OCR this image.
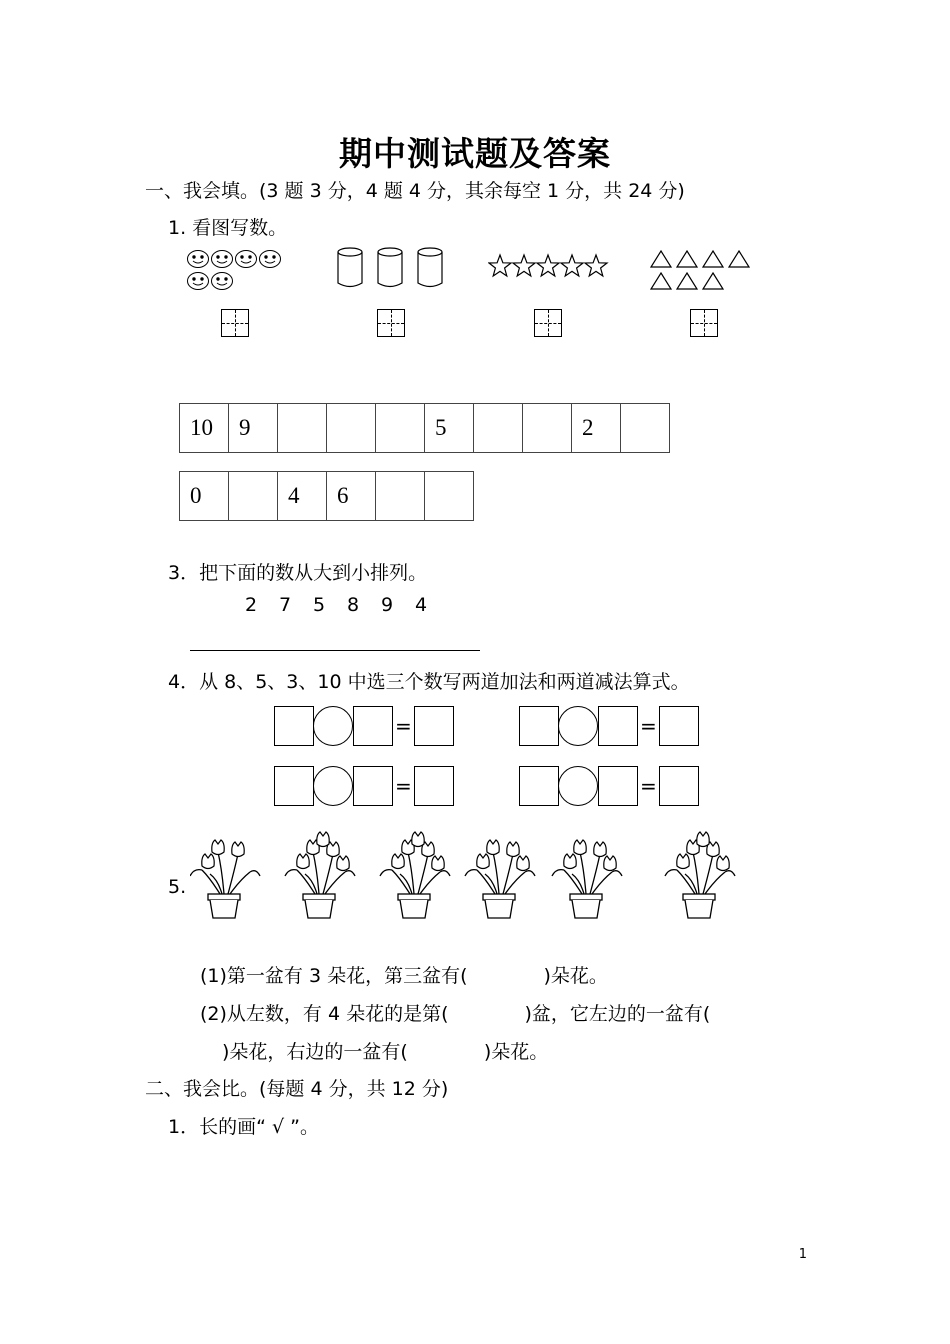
期中测试题及答案
一、我会填。(3 题 3 分，4 题 4 分，其余每空 1 分，共 24 分)
1. 看图写数。
10	9				5			2	
0		4	6		
3．把下面的数从大到小排列。
2 7 5 8 9 4
4．从 8、5、3、10 中选三个数写两道加法和两道减法算式。
=	=
=	=
5.
(1)第一盆有 3 朵花，第三盆有(　　　　)朵花。
(2)从左数，有 4 朵花的是第(　　　　)盆，它左边的一盆有(
)朵花，右边的一盆有(　　　　)朵花。
二、我会比。(每题 4 分，共 12 分)
1．长的画“ √ ”。
1
